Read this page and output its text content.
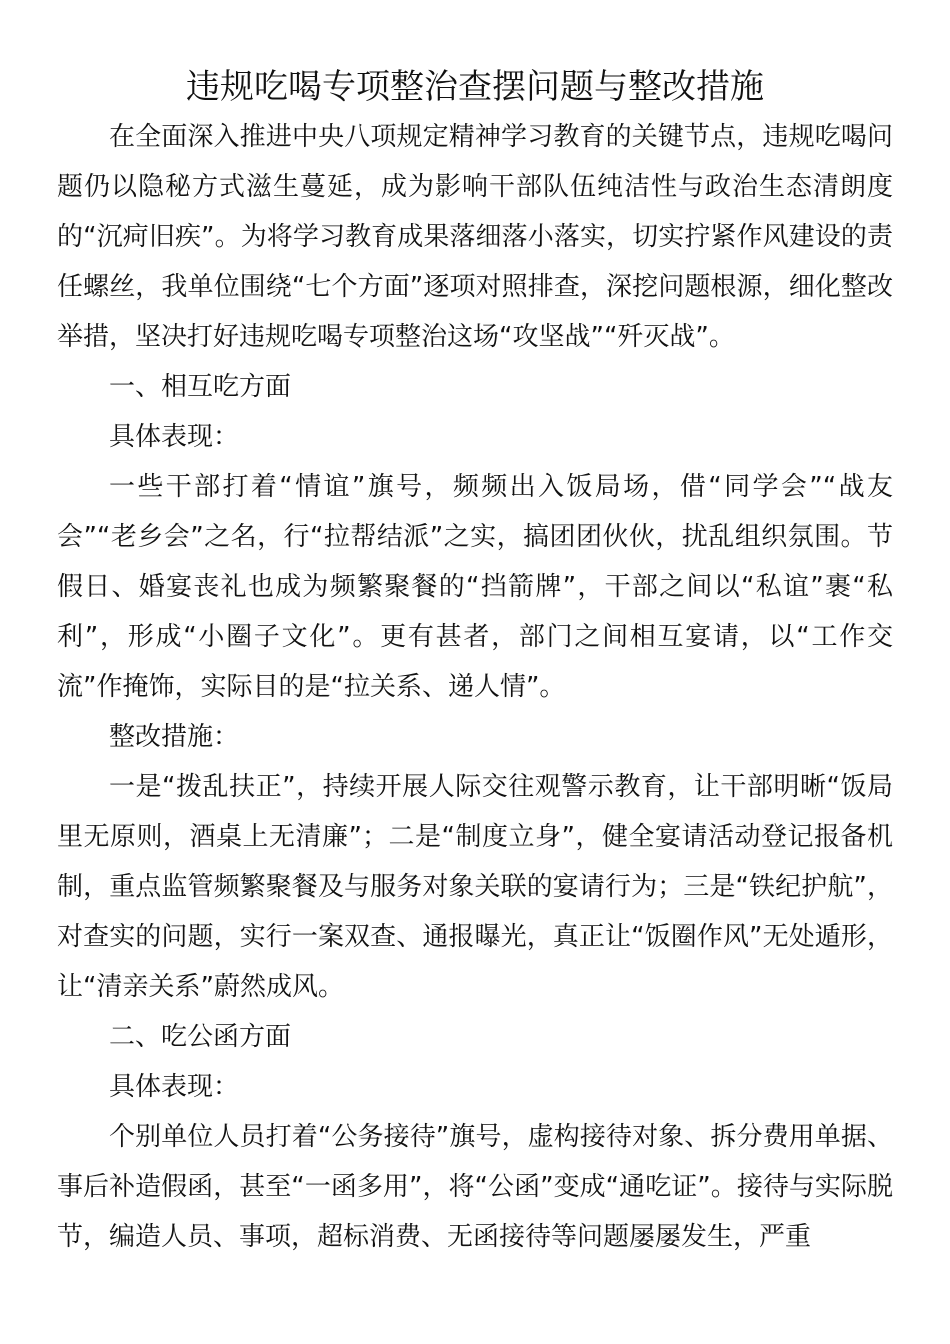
违规吃喝专项整治查摆问题与整改措施

在全面深入推进中央八项规定精神学习教育的关键节点，违规吃喝问题仍以隐秘方式滋生蔓延，成为影响干部队伍纯洁性与政治生态清朗度的“沉疴旧疾”。为将学习教育成果落细落小落实，切实拧紧作风建设的责任螺丝，我单位围绕“七个方面”逐项对照排查，深挖问题根源，细化整改举措，坚决打好违规吃喝专项整治这场“攻坚战”“歼灭战”。

一、相互吃方面

具体表现：

一些干部打着“情谊”旗号，频频出入饭局场，借“同学会”“战友会”“老乡会”之名，行“拉帮结派”之实，搞团团伙伙，扰乱组织氛围。节假日、婚宴丧礼也成为频繁聚餐的“挡箭牌”，干部之间以“私谊”裹“私利”，形成“小圈子文化”。更有甚者，部门之间相互宴请，以“工作交流”作掩饰，实际目的是“拉关系、递人情”。

整改措施：

一是“拨乱扶正”，持续开展人际交往观警示教育，让干部明晰“饭局里无原则，酒桌上无清廉”；二是“制度立身”，健全宴请活动登记报备机制，重点监管频繁聚餐及与服务对象关联的宴请行为；三是“铁纪护航”，对查实的问题，实行一案双查、通报曝光，真正让“饭圈作风”无处遁形，让“清亲关系”蔚然成风。

二、吃公函方面

具体表现：

个别单位人员打着“公务接待”旗号，虚构接待对象、拆分费用单据、事后补造假函，甚至“一函多用”，将“公函”变成“通吃证”。接待与实际脱节，编造人员、事项，超标消费、无函接待等问题屡屡发生，严重
